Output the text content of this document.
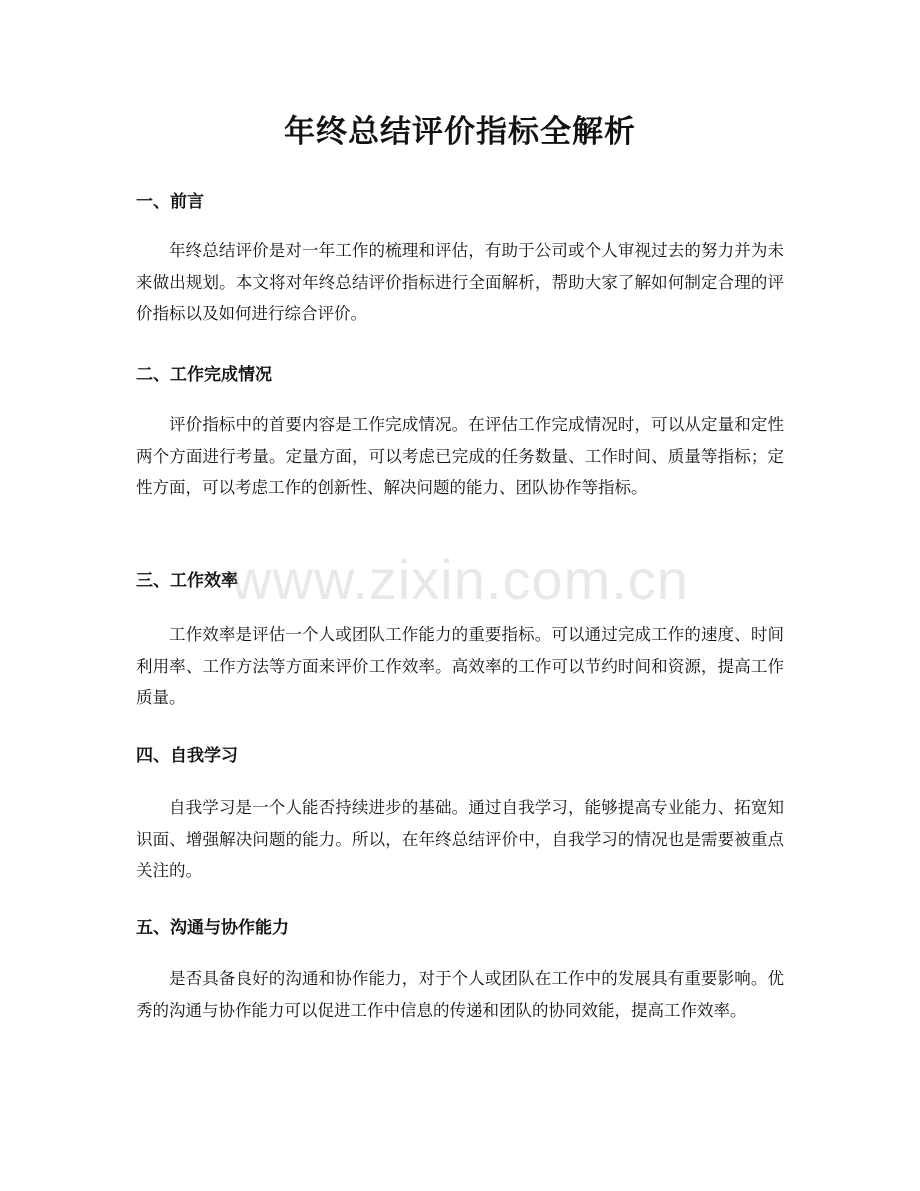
年终总结评价指标全解析
一、前言

年终总结评价是对一年工作的梳理和评估，有助于公司或个人审视过去的努力并为未来做出规划。本文将对年终总结评价指标进行全面解析，帮助大家了解如何制定合理的评价指标以及如何进行综合评价。

二、工作完成情况

评价指标中的首要内容是工作完成情况。在评估工作完成情况时，可以从定量和定性两个方面进行考量。定量方面，可以考虑已完成的任务数量、工作时间、质量等指标；定性方面，可以考虑工作的创新性、解决问题的能力、团队协作等指标。

三、工作效率

工作效率是评估一个人或团队工作能力的重要指标。可以通过完成工作的速度、时间利用率、工作方法等方面来评价工作效率。高效率的工作可以节约时间和资源，提高工作质量。

四、自我学习

自我学习是一个人能否持续进步的基础。通过自我学习，能够提高专业能力、拓宽知识面、增强解决问题的能力。所以，在年终总结评价中，自我学习的情况也是需要被重点关注的。

五、沟通与协作能力

是否具备良好的沟通和协作能力，对于个人或团队在工作中的发展具有重要影响。优秀的沟通与协作能力可以促进工作中信息的传递和团队的协同效能，提高工作效率。

www.zixin.com.cn
